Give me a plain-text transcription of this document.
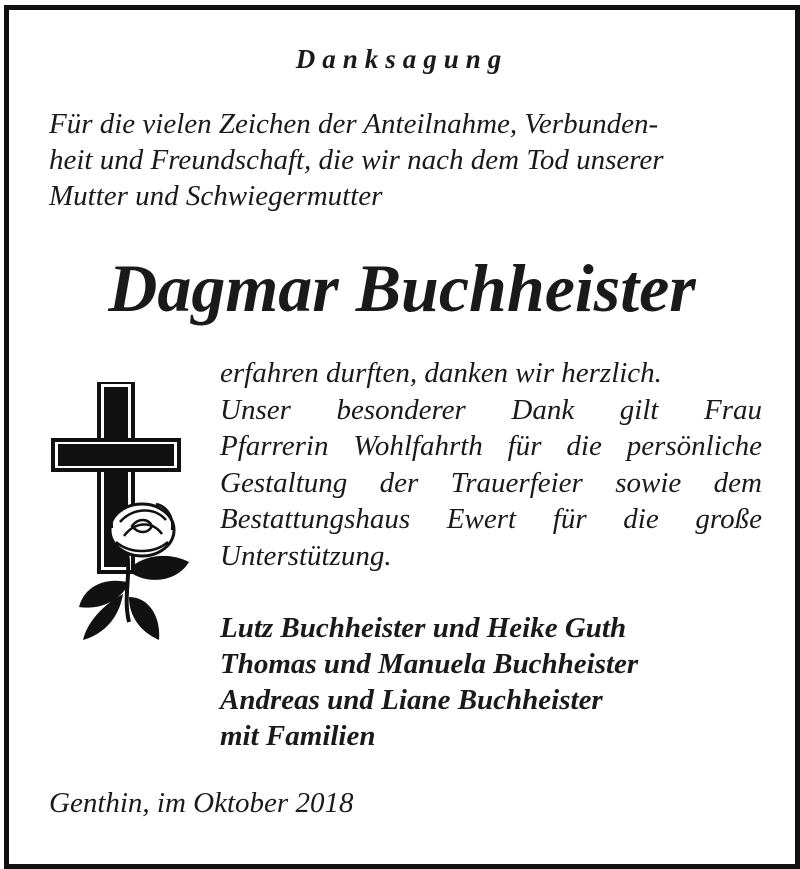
Danksagung
Für die vielen Zeichen der Anteilnahme, Verbunden-
heit und Freundschaft, die wir nach dem Tod unserer
Mutter und Schwiegermutter
Dagmar Buchheister
erfahren durften, danken wir herzlich.
Unser besonderer Dank gilt Frau
Pfarrerin Wohlfahrth für die persönliche
Gestaltung der Trauerfeier sowie dem
Bestattungshaus Ewert für die große
Unterstützung.
Lutz Buchheister und Heike Guth
Thomas und Manuela Buchheister
Andreas und Liane Buchheister
mit Familien
Genthin, im Oktober 2018
